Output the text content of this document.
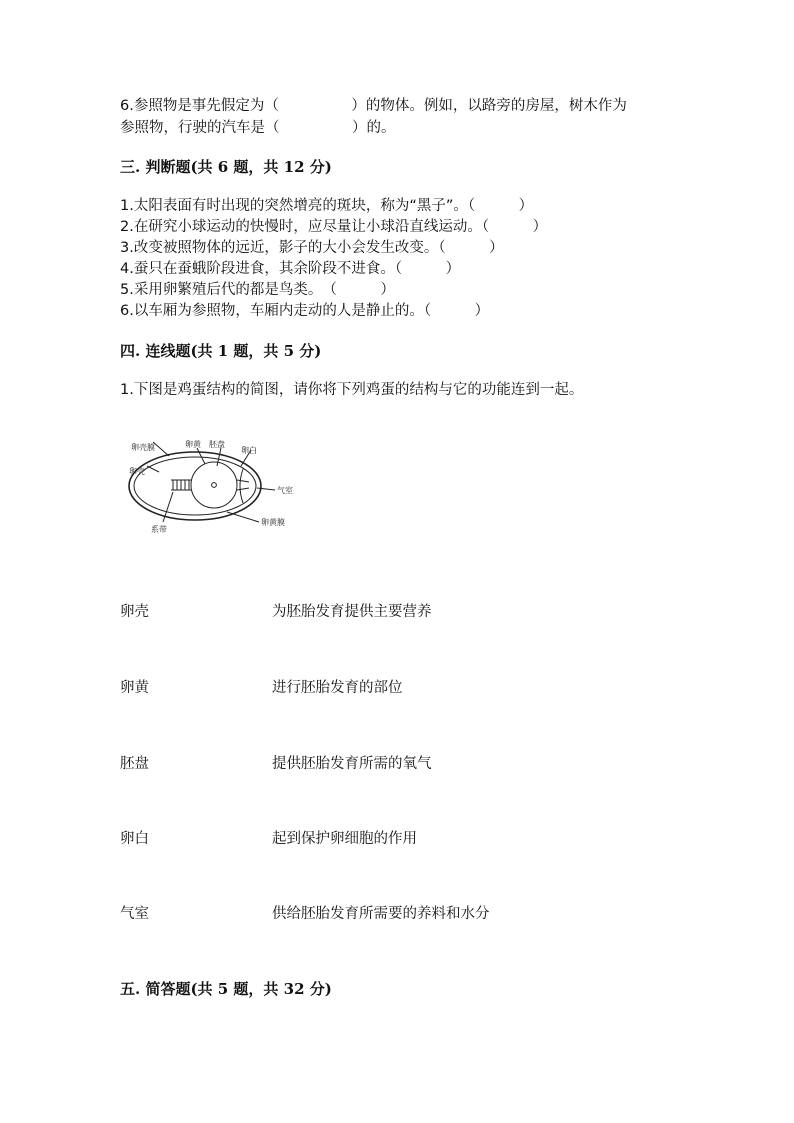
6.参照物是事先假定为（　　　　　）的物体。例如，以路旁的房屋，树木作为
参照物，行驶的汽车是（　　　　　）的。
三. 判断题(共 6 题，共 12 分)
1.太阳表面有时出现的突然增亮的斑块，称为“黑子”。（　　　）
2.在研究小球运动的快慢时，应尽量让小球沿直线运动。（　　　）
3.改变被照物体的远近，影子的大小会发生改变。（　　　）
4.蚕只在蚕蛾阶段进食，其余阶段不进食。（　　　）
5.采用卵繁殖后代的都是鸟类。　（　　　）
6.以车厢为参照物，车厢内走动的人是静止的。（　　　）
四. 连线题(共 1 题，共 5 分)
1.下图是鸡蛋结构的简图，请你将下列鸡蛋的结构与它的功能连到一起。
卵壳膜
卵壳
卵黄 胚盘
卵白
气室
卵黄膜
系带
卵壳	为胚胎发育提供主要营养
卵黄	进行胚胎发育的部位
胚盘	提供胚胎发育所需的氧气
卵白	起到保护卵细胞的作用
气室	供给胚胎发育所需要的养料和水分
五. 简答题(共 5 题，共 32 分)
